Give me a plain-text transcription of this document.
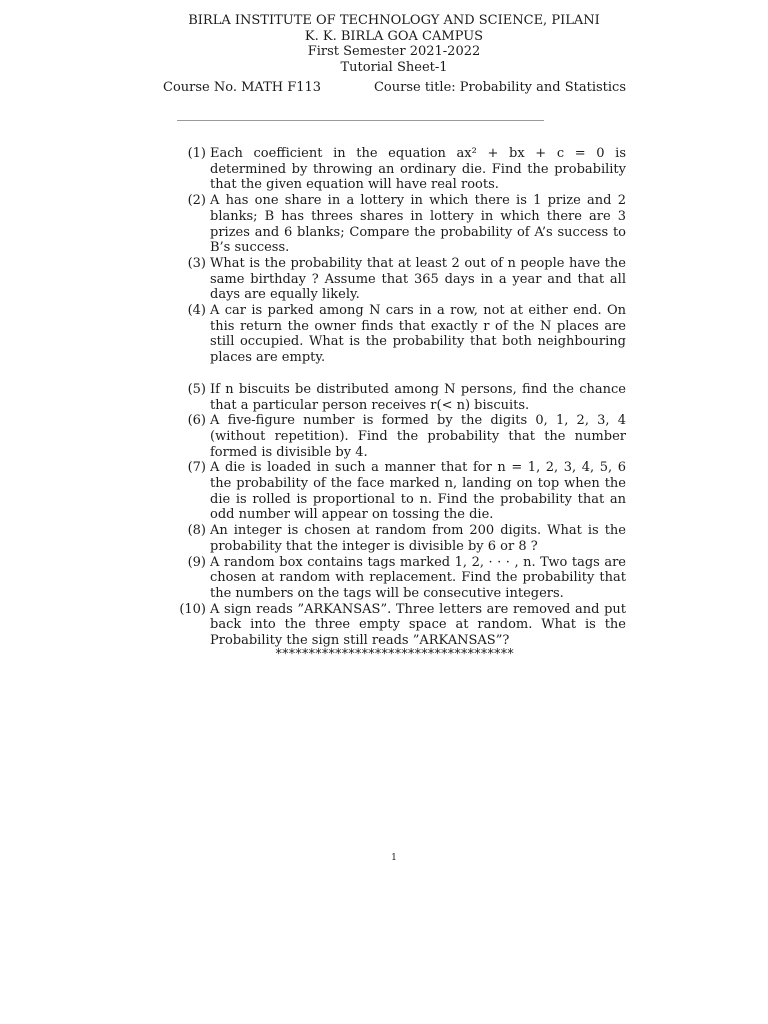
BIRLA INSTITUTE OF TECHNOLOGY AND SCIENCE, PILANI
K. K. BIRLA GOA CAMPUS
First Semester 2021-2022
Tutorial Sheet-1
Course No. MATH F113	Course title: Probability and Statistics
(1) Each coefficient in the equation ax² + bx + c = 0 is determined by throwing an ordinary die. Find the probability that the given equation will have real roots.
(2) A has one share in a lottery in which there is 1 prize and 2 blanks; B has threes shares in lottery in which there are 3 prizes and 6 blanks; Compare the probability of A’s success to B’s success.
(3) What is the probability that at least 2 out of n people have the same birthday ? Assume that 365 days in a year and that all days are equally likely.
(4) A car is parked among N cars in a row, not at either end. On this return the owner finds that exactly r of the N places are still occupied. What is the probability that both neighbouring places are empty.
(5) If n biscuits be distributed among N persons, find the chance that a particular person receives r(< n) biscuits.
(6) A five-figure number is formed by the digits 0, 1, 2, 3, 4 (without repetition). Find the probability that the number formed is divisible by 4.
(7) A die is loaded in such a manner that for n = 1, 2, 3, 4, 5, 6 the probability of the face marked n, landing on top when the die is rolled is proportional to n. Find the probability that an odd number will appear on tossing the die.
(8) An integer is chosen at random from 200 digits. What is the probability that the integer is divisible by 6 or 8 ?
(9) A random box contains tags marked 1, 2, · · · , n. Two tags are chosen at random with replacement. Find the probability that the numbers on the tags will be consecutive integers.
(10) A sign reads ”ARKANSAS”. Three letters are removed and put back into the three empty space at random. What is the Probability the sign still reads ”ARKANSAS”?
************************************
1
